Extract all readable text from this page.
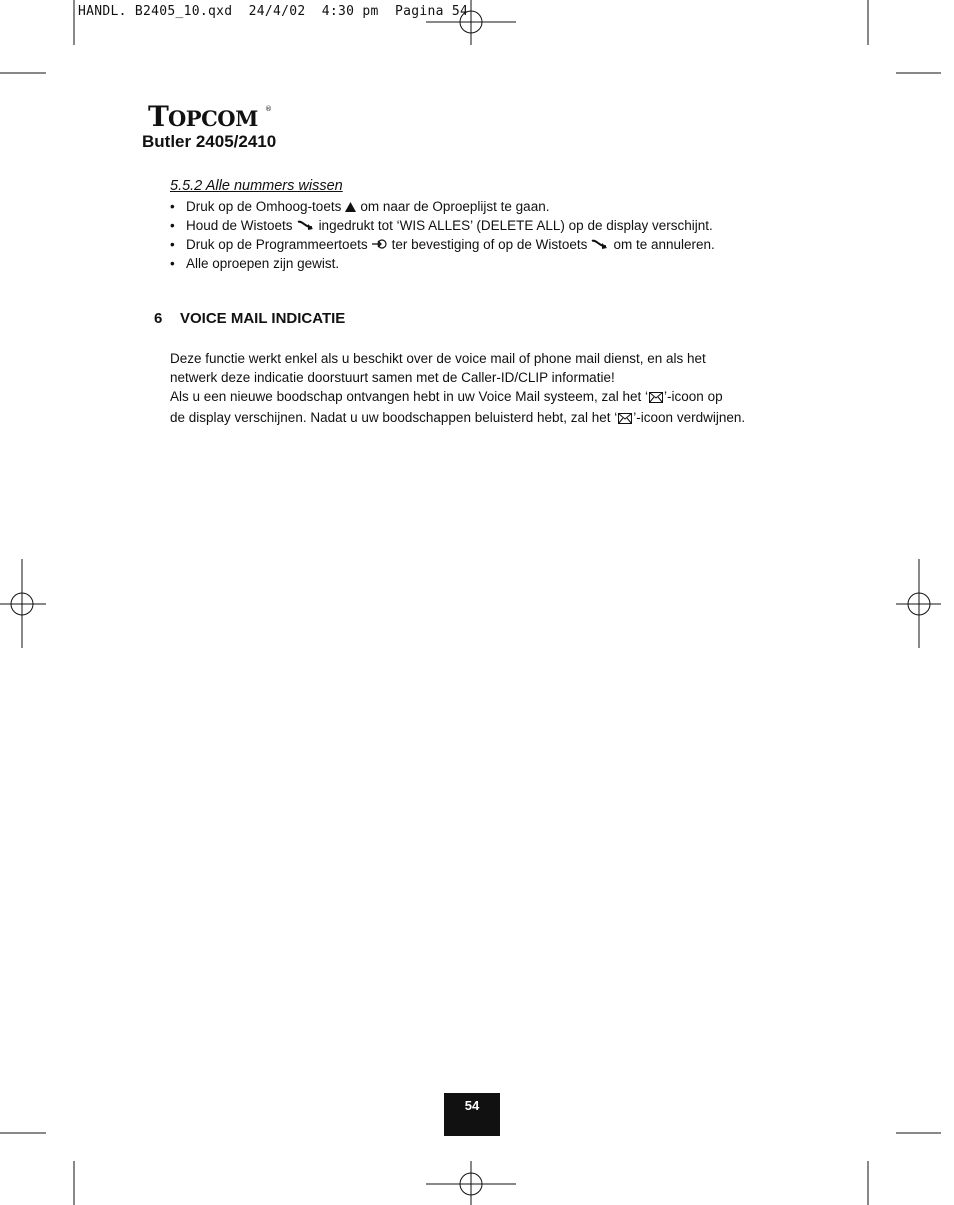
HANDL. B2405_10.qxd  24/4/02  4:30 pm  Pagina 54
T OPCOM ®
Butler 2405/2410
5.5.2 Alle nummers wissen
• Druk op de Omhoog-toets om naar de Oproeplijst te gaan.
• Houd de Wistoets ingedrukt tot ‘WIS ALLES’ (DELETE ALL) op de display verschijnt.
• Druk op de Programmeertoets ter bevestiging of op de Wistoets om te annuleren.
• Alle oproepen zijn gewist.
6 VOICE MAIL INDICATIE

Deze functie werkt enkel als u beschikt over de voice mail of phone mail dienst, en als het
netwerk deze indicatie doorstuurt samen met de Caller-ID/CLIP informatie!
Als u een nieuwe boodschap ontvangen hebt in uw Voice Mail systeem, zal het ‘ ’-icoon op
de display verschijnen. Nadat u uw boodschappen beluisterd hebt, zal het ‘ ’-icoon verdwijnen.

54
